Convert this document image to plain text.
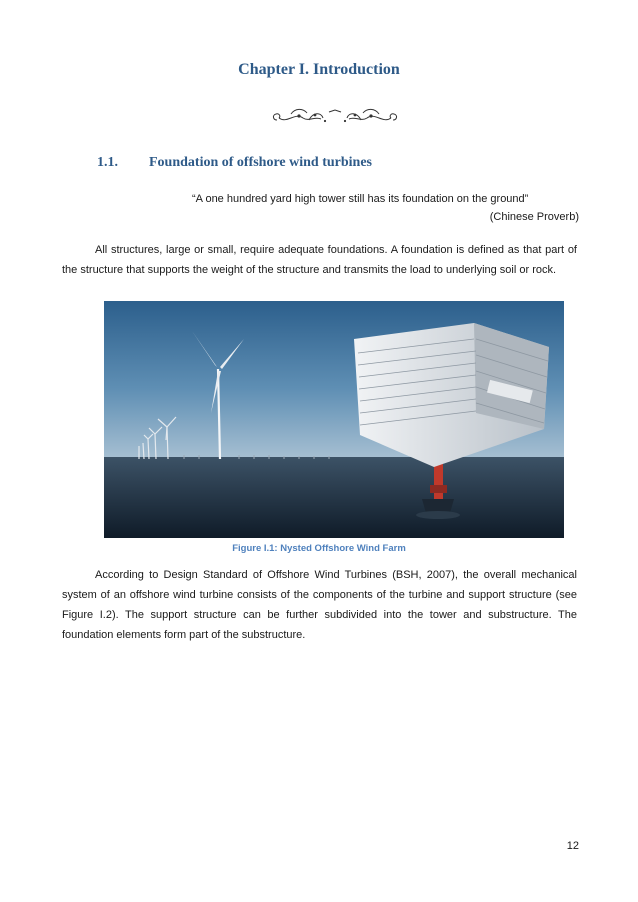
Chapter I. Introduction
1.1. Foundation of offshore wind turbines

“A one hundred yard high tower still has its foundation on the ground”

(Chinese Proverb)

All structures, large or small, require adequate foundations. A foundation is defined as that part of the structure that supports the weight of the structure and transmits the load to underlying soil or rock.

Figure I.1: Nysted Offshore Wind Farm

According to Design Standard of Offshore Wind Turbines (BSH, 2007), the overall mechanical system of an offshore wind turbine consists of the components of the turbine and support structure (see Figure I.2). The support structure can be further subdivided into the tower and substructure. The foundation elements form part of the substructure.

12
